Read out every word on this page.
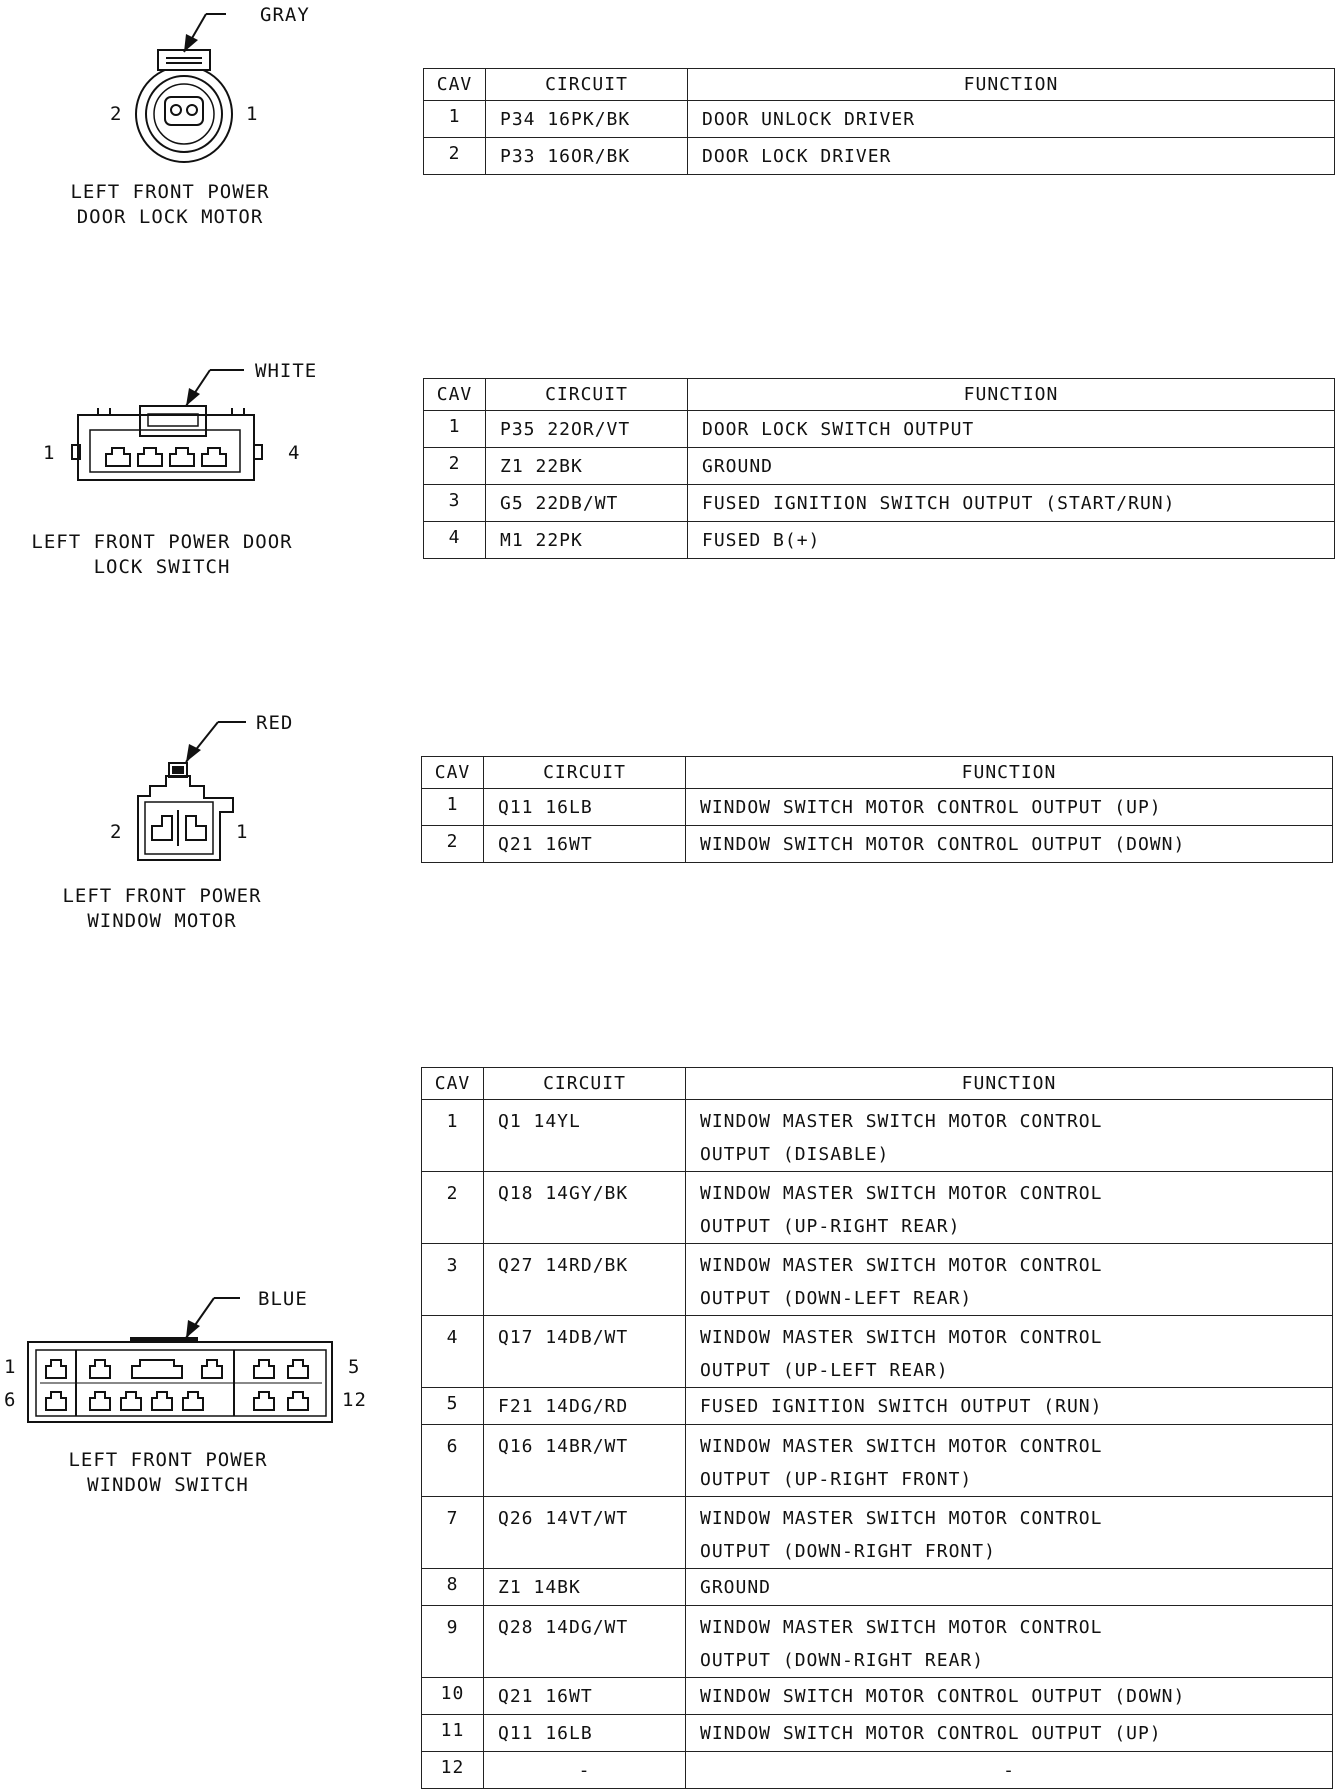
GRAY
2	1
LEFT FRONT POWER
DOOR LOCK MOTOR
CAV	CIRCUIT	FUNCTION
1	P34 16PK/BK	DOOR UNLOCK DRIVER
2	P33 16OR/BK	DOOR LOCK DRIVER
WHITE
1	4
LEFT FRONT POWER DOOR
LOCK SWITCH
CAV	CIRCUIT	FUNCTION
1	P35 22OR/VT	DOOR LOCK SWITCH OUTPUT
2	Z1 22BK	GROUND
3	G5 22DB/WT	FUSED IGNITION SWITCH OUTPUT (START/RUN)
4	M1 22PK	FUSED B(+)
RED
2	1
LEFT FRONT POWER
WINDOW MOTOR
CAV	CIRCUIT	FUNCTION
1	Q11 16LB	WINDOW SWITCH MOTOR CONTROL OUTPUT (UP)
2	Q21 16WT	WINDOW SWITCH MOTOR CONTROL OUTPUT (DOWN)
BLUE
1	5
6	12
LEFT FRONT POWER
WINDOW SWITCH
CAV	CIRCUIT	FUNCTION
1	Q1 14YL	WINDOW MASTER SWITCH MOTOR CONTROL
OUTPUT (DISABLE)

2	Q18 14GY/BK	WINDOW MASTER SWITCH MOTOR CONTROL
OUTPUT (UP-RIGHT REAR)

3	Q27 14RD/BK	WINDOW MASTER SWITCH MOTOR CONTROL
OUTPUT (DOWN-LEFT REAR)

4	Q17 14DB/WT	WINDOW MASTER SWITCH MOTOR CONTROL
OUTPUT (UP-LEFT REAR)

5	F21 14DG/RD	FUSED IGNITION SWITCH OUTPUT (RUN)
6	Q16 14BR/WT	WINDOW MASTER SWITCH MOTOR CONTROL
OUTPUT (UP-RIGHT FRONT)

7	Q26 14VT/WT	WINDOW MASTER SWITCH MOTOR CONTROL
OUTPUT (DOWN-RIGHT FRONT)

8	Z1 14BK	GROUND
9	Q28 14DG/WT	WINDOW MASTER SWITCH MOTOR CONTROL
OUTPUT (DOWN-RIGHT REAR)

10	Q21 16WT	WINDOW SWITCH MOTOR CONTROL OUTPUT (DOWN)
11	Q11 16LB	WINDOW SWITCH MOTOR CONTROL OUTPUT (UP)
12	-	-
